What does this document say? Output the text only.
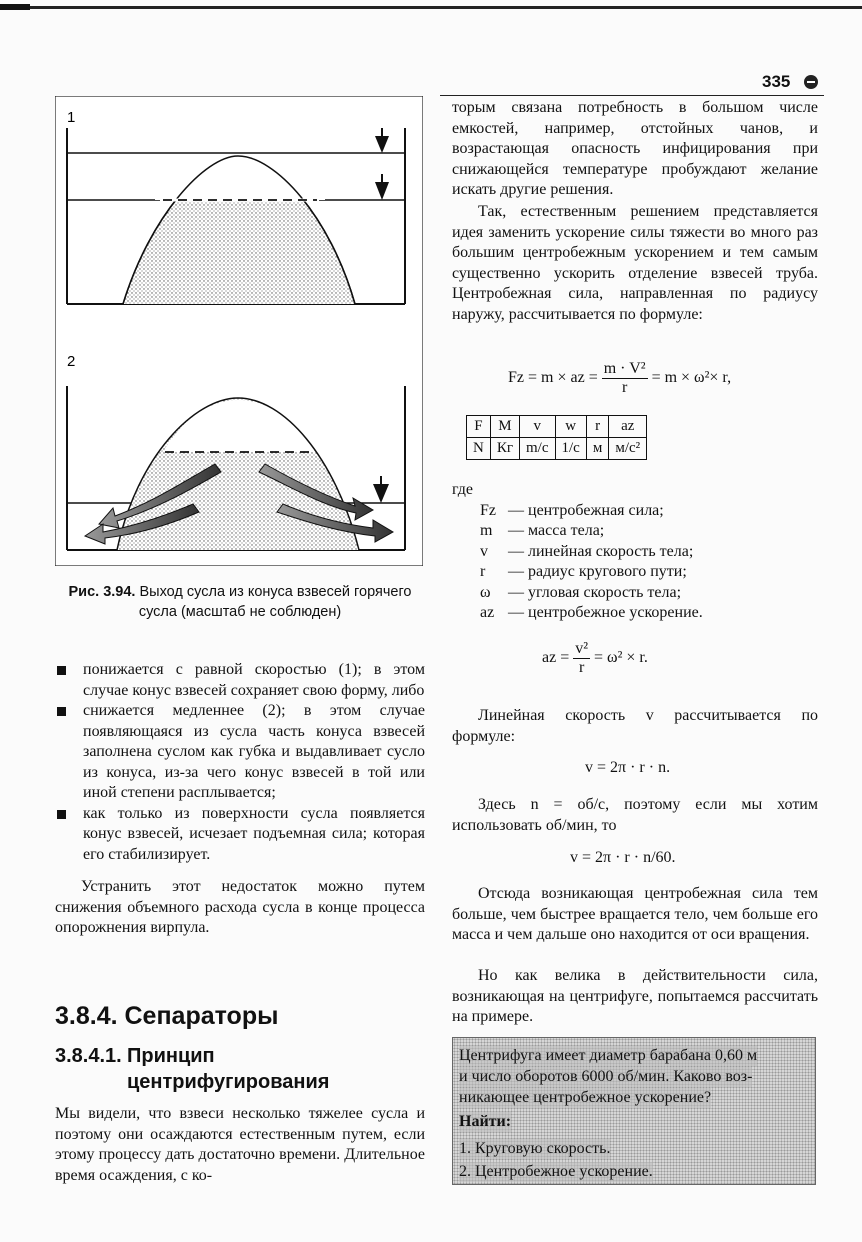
335
1
2
Рис. 3.94. Выход сусла из конуса взвесей горячего сусла (масштаб не соблюден)
понижается с равной скоростью (1); в этом случае конус взвесей сохраняет свою форму, либо
снижается медленнее (2); в этом случае появляющаяся из сусла часть конуса взвесей заполнена суслом как губка и выдавливает сусло из конуса, из-за чего конус взвесей в той или иной степени расплывается;
как только из поверхности сусла появляется конус взвесей, исчезает подъемная сила; которая его стабилизирует.

Устранить этот недостаток можно путем снижения объемного расхода сусла в конце процесса опорожнения вирпула.

3.8.4. Сепараторы
3.8.4.1. Принцип
центрифугирования

Мы видели, что взвеси несколько тяжелее сусла и поэтому они осаждаются естественным путем, если этому процессу дать достаточно времени. Длительное время осаждения, с ко-

торым связана потребность в большом числе емкостей, например, отстойных чанов, и возрастающая опасность инфицирования при снижающейся температуре пробуждают желание искать другие решения.

Так, естественным решением представляется идея заменить ускорение силы тяжести во много раз большим центробежным ускорением и тем самым существенно ускорить отделение взвесей труба. Центробежная сила, направленная по радиусу наружу, рассчитывается по формуле:

Fz = m × az = $\frac{\text{m · V²}}{r} = m \times \omega^2\times r$,
F	M	v	w	r	az
N	Кг	m/c	1/c	м	м/с²
где
Fz — центробежная сила;
m — масса тела;
v — линейная скорость тела;
r — радиус кругового пути;
ω — угловая скорость тела;
az — центробежное ускорение.
az = $\frac{\text{v²}}{r} = \omega^2 \times r$.

Линейная скорость v рассчитывается по формуле:

v = 2π · r · n.

Здесь n = об/с, поэтому если мы хотим использовать об/мин, то

v = 2π · r · n/60.

Отсюда возникающая центробежная сила тем больше, чем быстрее вращается тело, чем больше его масса и чем дальше оно находится от оси вращения.

Но как велика в действительности сила, возникающая на центрифуге, попытаемся рассчитать на примере.

Центрифуга имеет диаметр барабана 0,60 м
и число оборотов 6000 об/мин. Каково воз-
никающее центробежное ускорение?
Найти:
1. Круговую скорость.
2. Центробежное ускорение.
